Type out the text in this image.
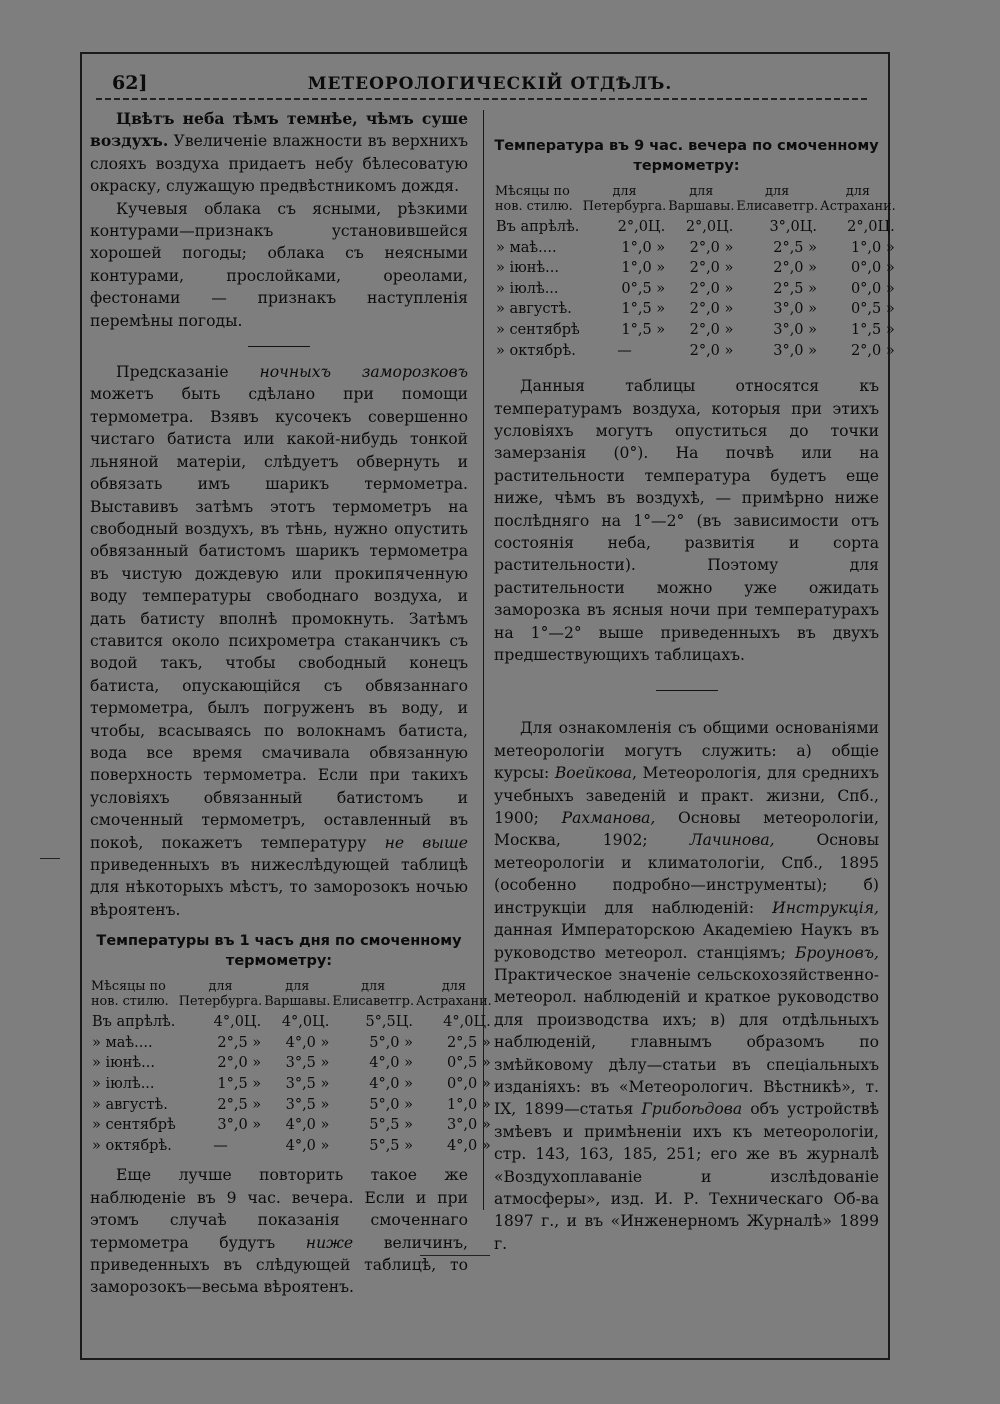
62]	МЕТЕОРОЛОГИЧЕСКІЙ ОТДѢЛЪ.

Цвѣтъ неба тѣмъ темнѣе, чѣмъ суше воздухъ. Увеличеніе влажности въ верхнихъ слояхъ воздуха придаетъ небу бѣлесоватую окраску, служащую предвѣстникомъ дождя.

Кучевыя облака съ ясными, рѣзкими контурами—признакъ установившейся хорошей погоды; облака съ неясными контурами, прослойками, ореолами, фестонами — признакъ наступленія перемѣны погоды.

Предсказаніе ночныхъ заморозковъ можетъ быть сдѣлано при помощи термометра. Взявъ кусочекъ совершенно чистаго батиста или какой-нибудь тонкой льняной матеріи, слѣдуетъ обвернуть и обвязать имъ шарикъ термометра. Выставивъ затѣмъ этотъ термометръ на свободный воздухъ, въ тѣнь, нужно опустить обвязанный батистомъ шарикъ термометра въ чистую дождевую или прокипяченную воду температуры свободнаго воздуха, и дать батисту вполнѣ промокнуть. Затѣмъ ставится около психрометра стаканчикъ съ водой такъ, чтобы свободный конецъ батиста, опускающійся съ обвязаннаго термометра, былъ погруженъ въ воду, и чтобы, всасываясь по волокнамъ батиста, вода все время смачивала обвязанную поверхность термометра. Если при такихъ условіяхъ обвязанный батистомъ и смоченный термометръ, оставленный въ покоѣ, покажетъ температуру не выше приведенныхъ въ нижеслѣдующей таблицѣ для нѣкоторыхъ мѣстъ, то заморозокъ ночью вѣроятенъ.

Температуры въ 1 часъ дня по смоченному термометру:
Мѣсяцы по нов. стилю.	для Петербурга.	для Варшавы.	для Елисаветгр.	для Астрахани.
Въ апрѣлѣ.	4°,0Ц.	4°,0Ц.	5°,5Ц.	4°,0Ц.
» маѣ....	2°,5 »	4°,0 »	5°,0 »	2°,5 »
» іюнѣ...	2°,0 »	3°,5 »	4°,0 »	0°,5 »
» іюлѣ...	1°,5 »	3°,5 »	4°,0 »	0°,0 »
» августѣ.	2°,5 »	3°,5 »	5°,0 »	1°,0 »
» сентябрѣ	3°,0 »	4°,0 »	5°,5 »	3°,0 »
» октябрѣ.	—	4°,0 »	5°,5 »	4°,0 »

Еще лучше повторить такое же наблюденіе въ 9 час. вечера. Если и при этомъ случаѣ показанія смоченнаго термометра будутъ ниже величинъ, приведенныхъ въ слѣдующей таблицѣ, то заморозокъ—весьма вѣроятенъ.

Температура въ 9 час. вечера по смоченному термометру:
Мѣсяцы по нов. стилю.	для Петербурга.	для Варшавы.	для Елисаветгр.	для Астрахани.
Въ апрѣлѣ.	2°,0Ц.	2°,0Ц.	3°,0Ц.	2°,0Ц.
» маѣ....	1°,0 »	2°,0 »	2°,5 »	1°,0 »
» іюнѣ...	1°,0 »	2°,0 »	2°,0 »	0°,0 »
» іюлѣ...	0°,5 »	2°,0 »	2°,5 »	0°,0 »
» августѣ.	1°,5 »	2°,0 »	3°,0 »	0°,5 »
» сентябрѣ	1°,5 »	2°,0 »	3°,0 »	1°,5 »
» октябрѣ.	—	2°,0 »	3°,0 »	2°,0 »

Данныя таблицы относятся къ температурамъ воздуха, которыя при этихъ условіяхъ могутъ опуститься до точки замерзанія (0°). На почвѣ или на растительности температура будетъ еще ниже, чѣмъ въ воздухѣ, — примѣрно ниже послѣдняго на 1°—2° (въ зависимости отъ состоянія неба, развитія и сорта растительности). Поэтому для растительности можно уже ожидать заморозка въ ясныя ночи при температурахъ на 1°—2° выше приведенныхъ въ двухъ предшествующихъ таблицахъ.

Для ознакомленія съ общими основаніями метеорологіи могутъ служить: а) общіе курсы: Воейкова, Метеорологія, для среднихъ учебныхъ заведеній и практ. жизни, Спб., 1900; Рахманова, Основы метеорологіи, Москва, 1902; Лачинова, Основы метеорологіи и климатологіи, Спб., 1895 (особенно подробно—инструменты); б) инструкціи для наблюденій: Инструкція, данная Императорскою Академіею Наукъ въ руководство метеорол. станціямъ; Броуновъ, Практическое значеніе сельскохозяйственно-метеорол. наблюденій и краткое руководство для производства ихъ; в) для отдѣльныхъ наблюденій, главнымъ образомъ по змѣйковому дѣлу—статьи въ спеціальныхъ изданіяхъ: въ «Метеорологич. Вѣстникѣ», т. IX, 1899—статья Грибоѣдова объ устройствѣ змѣевъ и примѣненіи ихъ къ метеорологіи, стр. 143, 163, 185, 251; его же въ журналѣ «Воздухоплаваніе и изслѣдованіе атмосферы», изд. И. Р. Техническаго Об-ва 1897 г., и въ «Инженерномъ Журналѣ» 1899 г.
